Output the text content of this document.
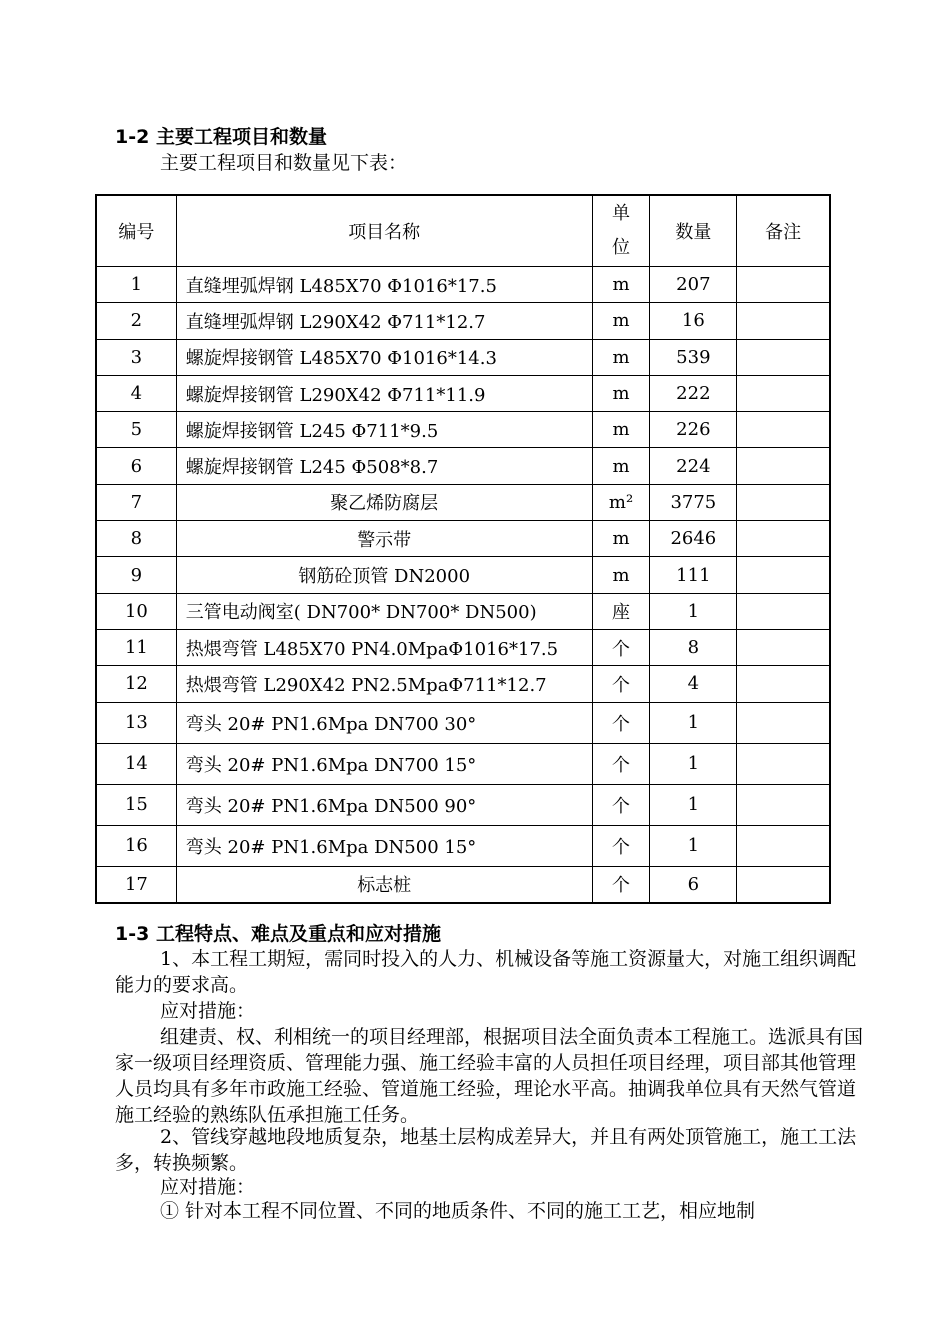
1-2 主要工程项目和数量
主要工程项目和数量见下表：
编号	项目名称	单位	数量	备注
1	直缝埋弧焊钢 L485X70 Φ1016*17.5	m	207	
2	直缝埋弧焊钢 L290X42 Φ711*12.7	m	16	
3	螺旋焊接钢管 L485X70 Φ1016*14.3	m	539	
4	螺旋焊接钢管 L290X42 Φ711*11.9	m	222	
5	螺旋焊接钢管 L245 Φ711*9.5	m	226	
6	螺旋焊接钢管 L245 Φ508*8.7	m	224	
7	聚乙烯防腐层	m²	3775	
8	警示带	m	2646	
9	钢筋砼顶管 DN2000	m	111	
10	三管电动阀室( DN700* DN700* DN500)	座	1	
11	热煨弯管 L485X70 PN4.0MpaΦ1016*17.5	个	8	
12	热煨弯管 L290X42 PN2.5MpaΦ711*12.7	个	4	
13	弯头 20# PN1.6Mpa DN700 30°	个	1	
14	弯头 20# PN1.6Mpa DN700 15°	个	1	
15	弯头 20# PN1.6Mpa DN500 90°	个	1	
16	弯头 20# PN1.6Mpa DN500 15°	个	1	
17	标志桩	个	6	
1-3 工程特点、难点及重点和应对措施
1、本工程工期短，需同时投入的人力、机械设备等施工资源量大，对施工组织调配能力的要求高。
应对措施：
组建责、权、利相统一的项目经理部，根据项目法全面负责本工程施工。选派具有国家一级项目经理资质、管理能力强、施工经验丰富的人员担任项目经理，项目部其他管理人员均具有多年市政施工经验、管道施工经验，理论水平高。抽调我单位具有天然气管道施工经验的熟练队伍承担施工任务。
2、管线穿越地段地质复杂，地基土层构成差异大，并且有两处顶管施工，施工工法多，转换频繁。
应对措施：
① 针对本工程不同位置、不同的地质条件、不同的施工工艺，相应地制
